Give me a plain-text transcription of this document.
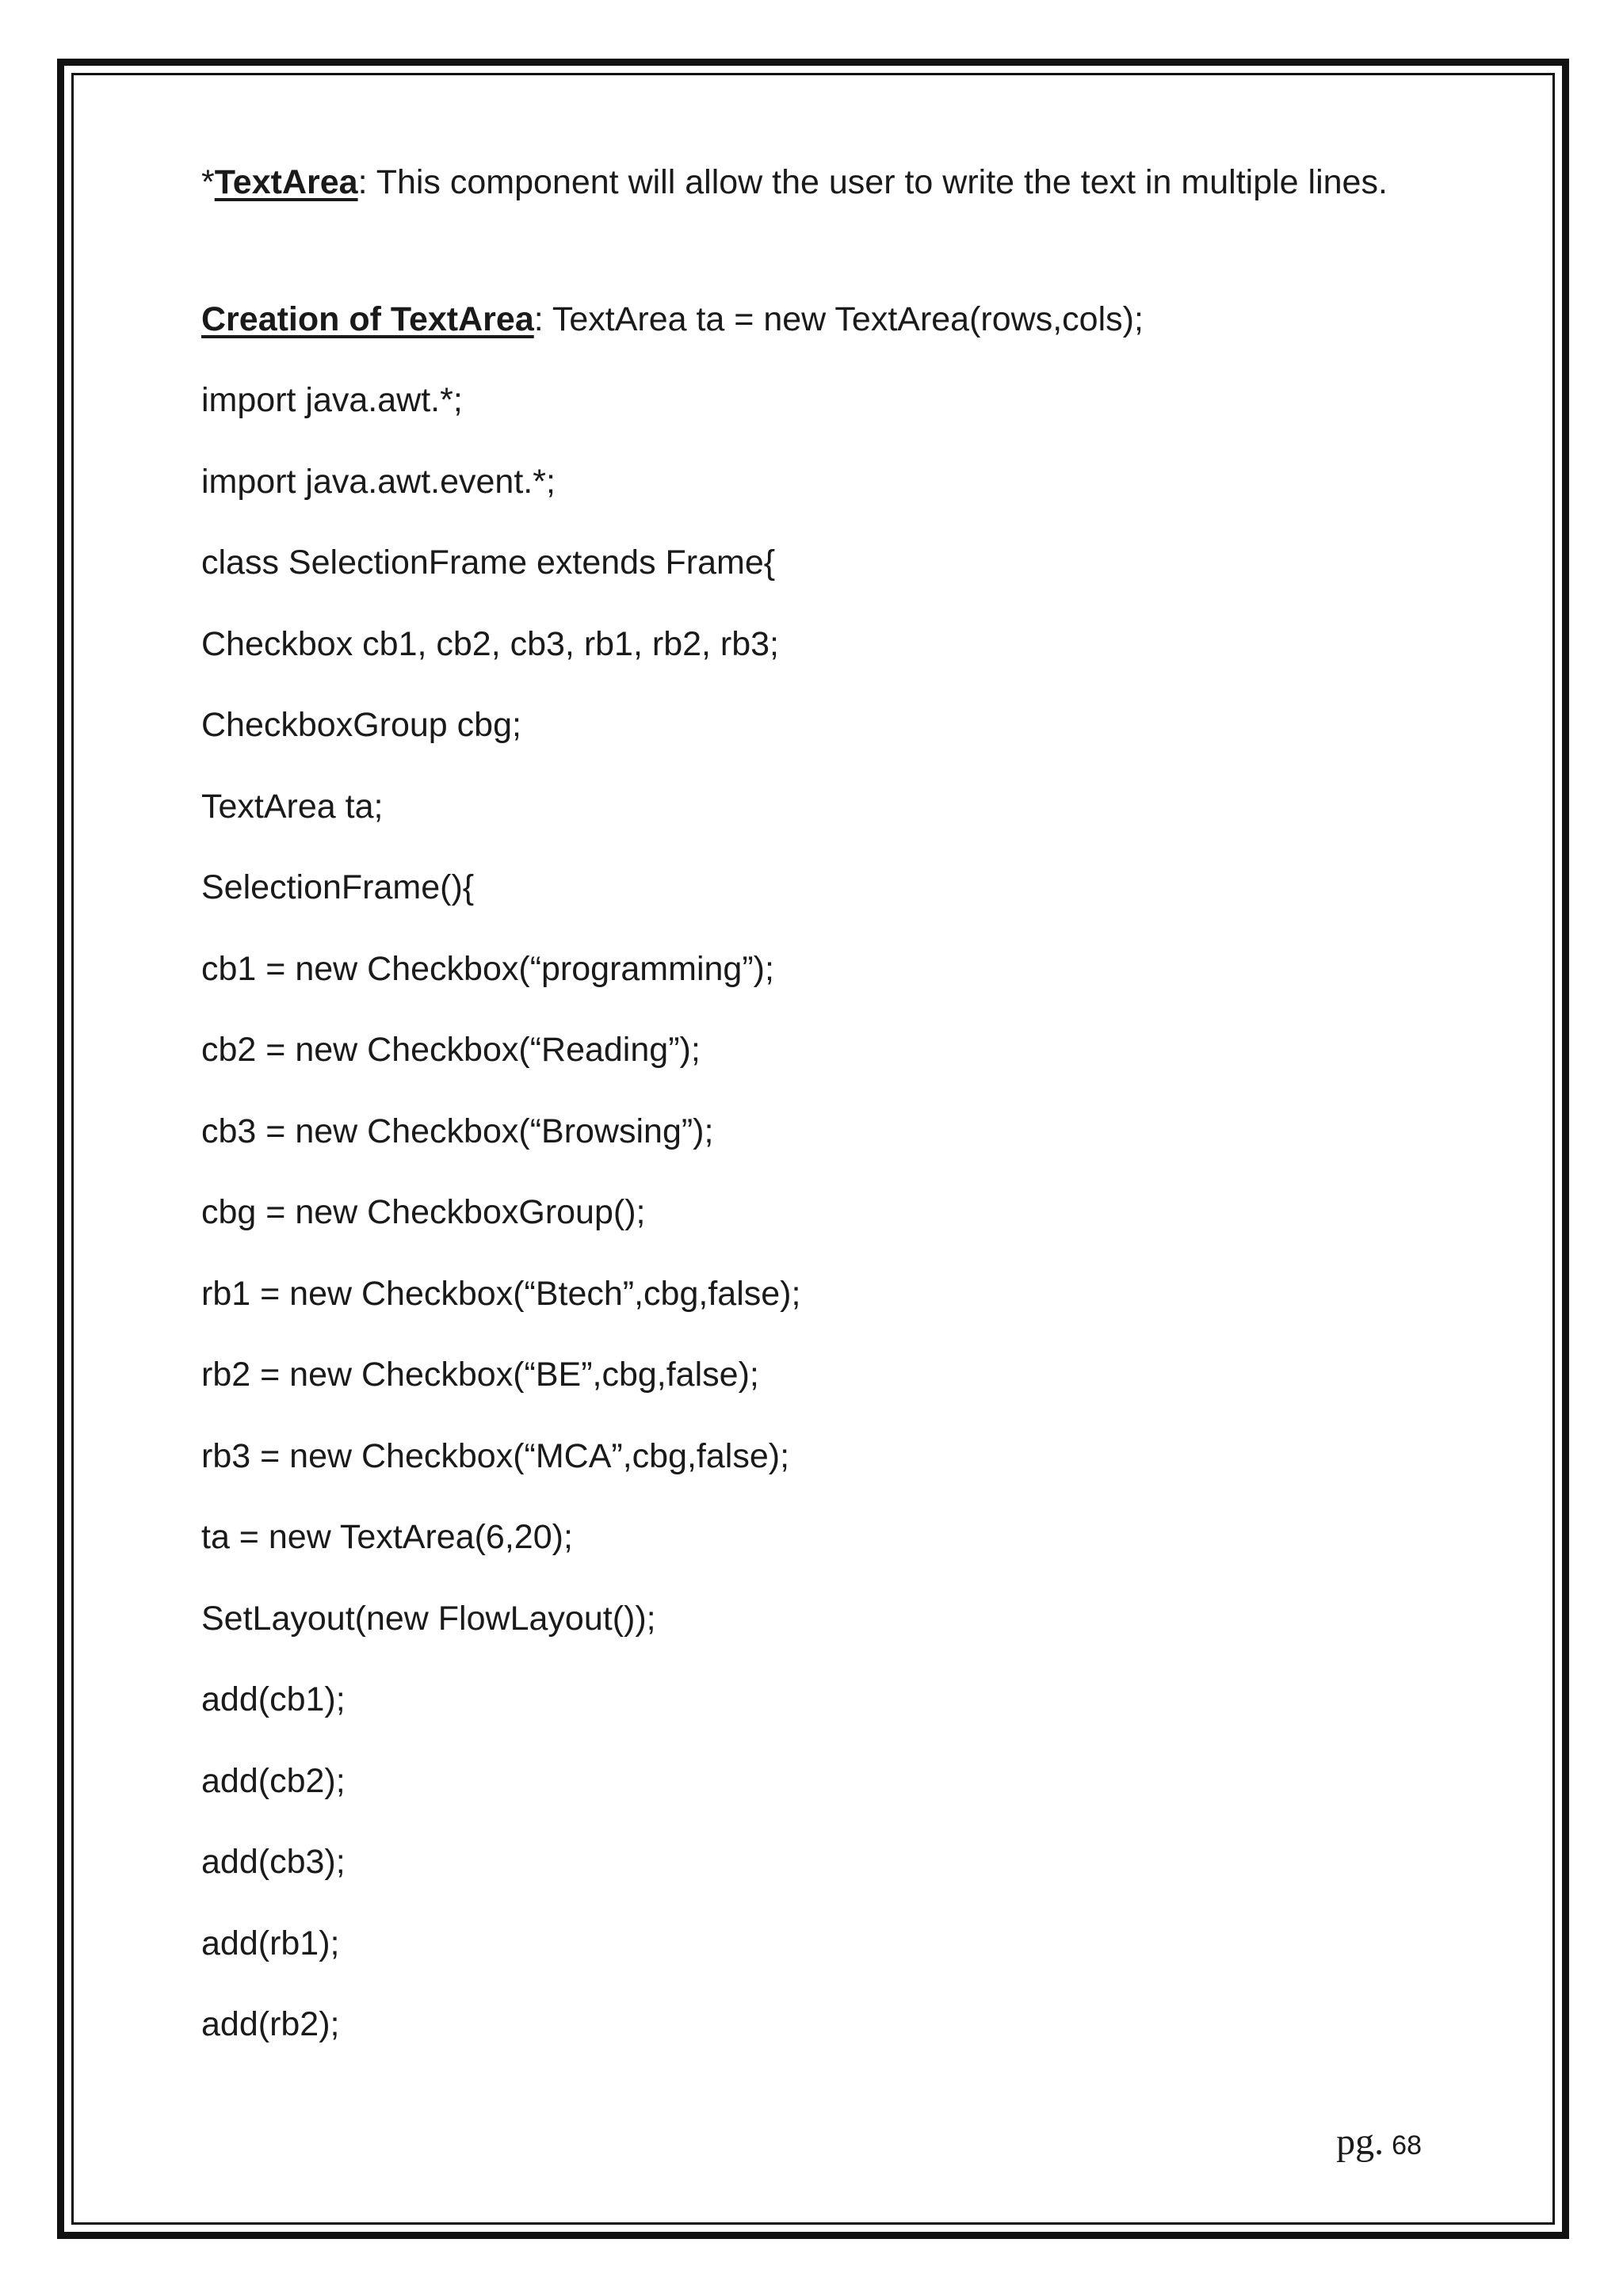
*TextArea: This component will allow the user to write the text in multiple lines.

Creation of TextArea: TextArea ta = new TextArea(rows,cols);

import java.awt.*;
import java.awt.event.*;
class SelectionFrame extends Frame{
Checkbox cb1, cb2, cb3, rb1, rb2, rb3;
CheckboxGroup cbg;
TextArea ta;
SelectionFrame(){
cb1 = new Checkbox(“programming”);
cb2 = new Checkbox(“Reading”);
cb3 = new Checkbox(“Browsing”);
cbg = new CheckboxGroup();
rb1 = new Checkbox(“Btech”,cbg,false);
rb2 = new Checkbox(“BE”,cbg,false);
rb3 = new Checkbox(“MCA”,cbg,false);
ta = new TextArea(6,20);
SetLayout(new FlowLayout());
add(cb1);
add(cb2);
add(cb3);
add(rb1);
add(rb2);
pg. 68
